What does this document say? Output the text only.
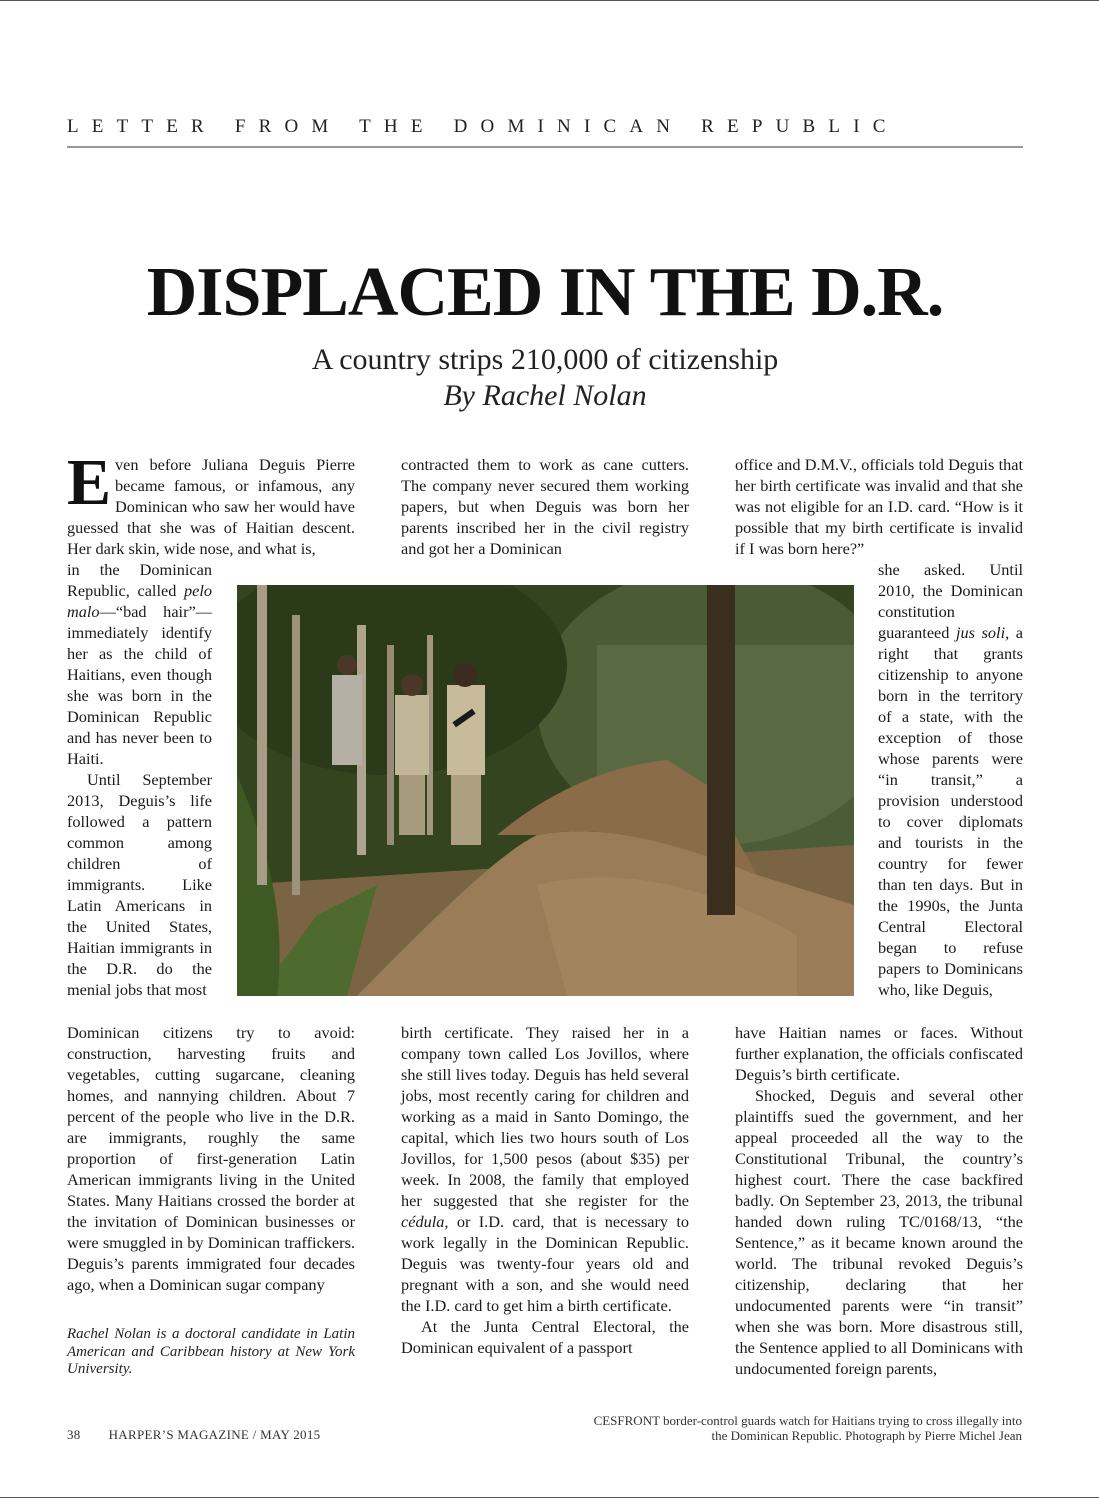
LETTER FROM THE DOMINICAN REPUBLIC
DISPLACED IN THE D.R.
A country strips 210,000 of citizenship
By Rachel Nolan

Even before Juliana Deguis Pierre became famous, or infamous, any Dominican who saw her would have guessed that she was of Haitian descent. Her dark skin, wide nose, and what is,

in the Dominican Republic, called pelo malo—“bad hair”—immediately identify her as the child of Haitians, even though she was born in the Dominican Republic and has never been to Haiti.

Until September 2013, Deguis’s life followed a pattern common among children of immigrants. Like Latin Americans in the United States, Haitian immigrants in the D.R. do the menial jobs that most

Dominican citizens try to avoid: construction, harvesting fruits and vegetables, cutting sugarcane, cleaning homes, and nannying children. About 7 percent of the people who live in the D.R. are immigrants, roughly the same proportion of first-generation Latin American immigrants living in the United States. Many Haitians crossed the border at the invitation of Dominican businesses or were smuggled in by Dominican traffickers. Deguis’s parents immigrated four decades ago, when a Dominican sugar company

Rachel Nolan is a doctoral candidate in Latin American and Caribbean history at New York University.

contracted them to work as cane cutters. The company never secured them working papers, but when Deguis was born her parents inscribed her in the civil registry and got her a Dominican

birth certificate. They raised her in a company town called Los Jovillos, where she still lives today. Deguis has held several jobs, most recently caring for children and working as a maid in Santo Domingo, the capital, which lies two hours south of Los Jovillos, for 1,500 pesos (about $35) per week. In 2008, the family that employed her suggested that she register for the cédula, or I.D. card, that is necessary to work legally in the Dominican Republic. Deguis was twenty-four years old and pregnant with a son, and she would need the I.D. card to get him a birth certificate.

At the Junta Central Electoral, the Dominican equivalent of a passport

office and D.M.V., officials told Deguis that her birth certificate was invalid and that she was not eligible for an I.D. card. “How is it possible that my birth certificate is invalid if I was born here?”

she asked. Until 2010, the Dominican constitution guaranteed jus soli, a right that grants citizenship to anyone born in the territory of a state, with the exception of those whose parents were “in transit,” a provision understood to cover diplomats and tourists in the country for fewer than ten days. But in the 1990s, the Junta Central Electoral began to refuse papers to Dominicans who, like Deguis,

have Haitian names or faces. Without further explanation, the officials confiscated Deguis’s birth certificate.

Shocked, Deguis and several other plaintiffs sued the government, and her appeal proceeded all the way to the Constitutional Tribunal, the country’s highest court. There the case backfired badly. On September 23, 2013, the tribunal handed down ruling TC/0168/13, “the Sentence,” as it became known around the world. The tribunal revoked Deguis’s citizenship, declaring that her undocumented parents were “in transit” when she was born. More disastrous still, the Sentence applied to all Dominicans with undocumented foreign parents,

CESFRONT border-control guards watch for Haitians trying to cross illegally into the Dominican Republic. Photograph by Pierre Michel Jean
38 HARPER’S MAGAZINE / MAY 2015
